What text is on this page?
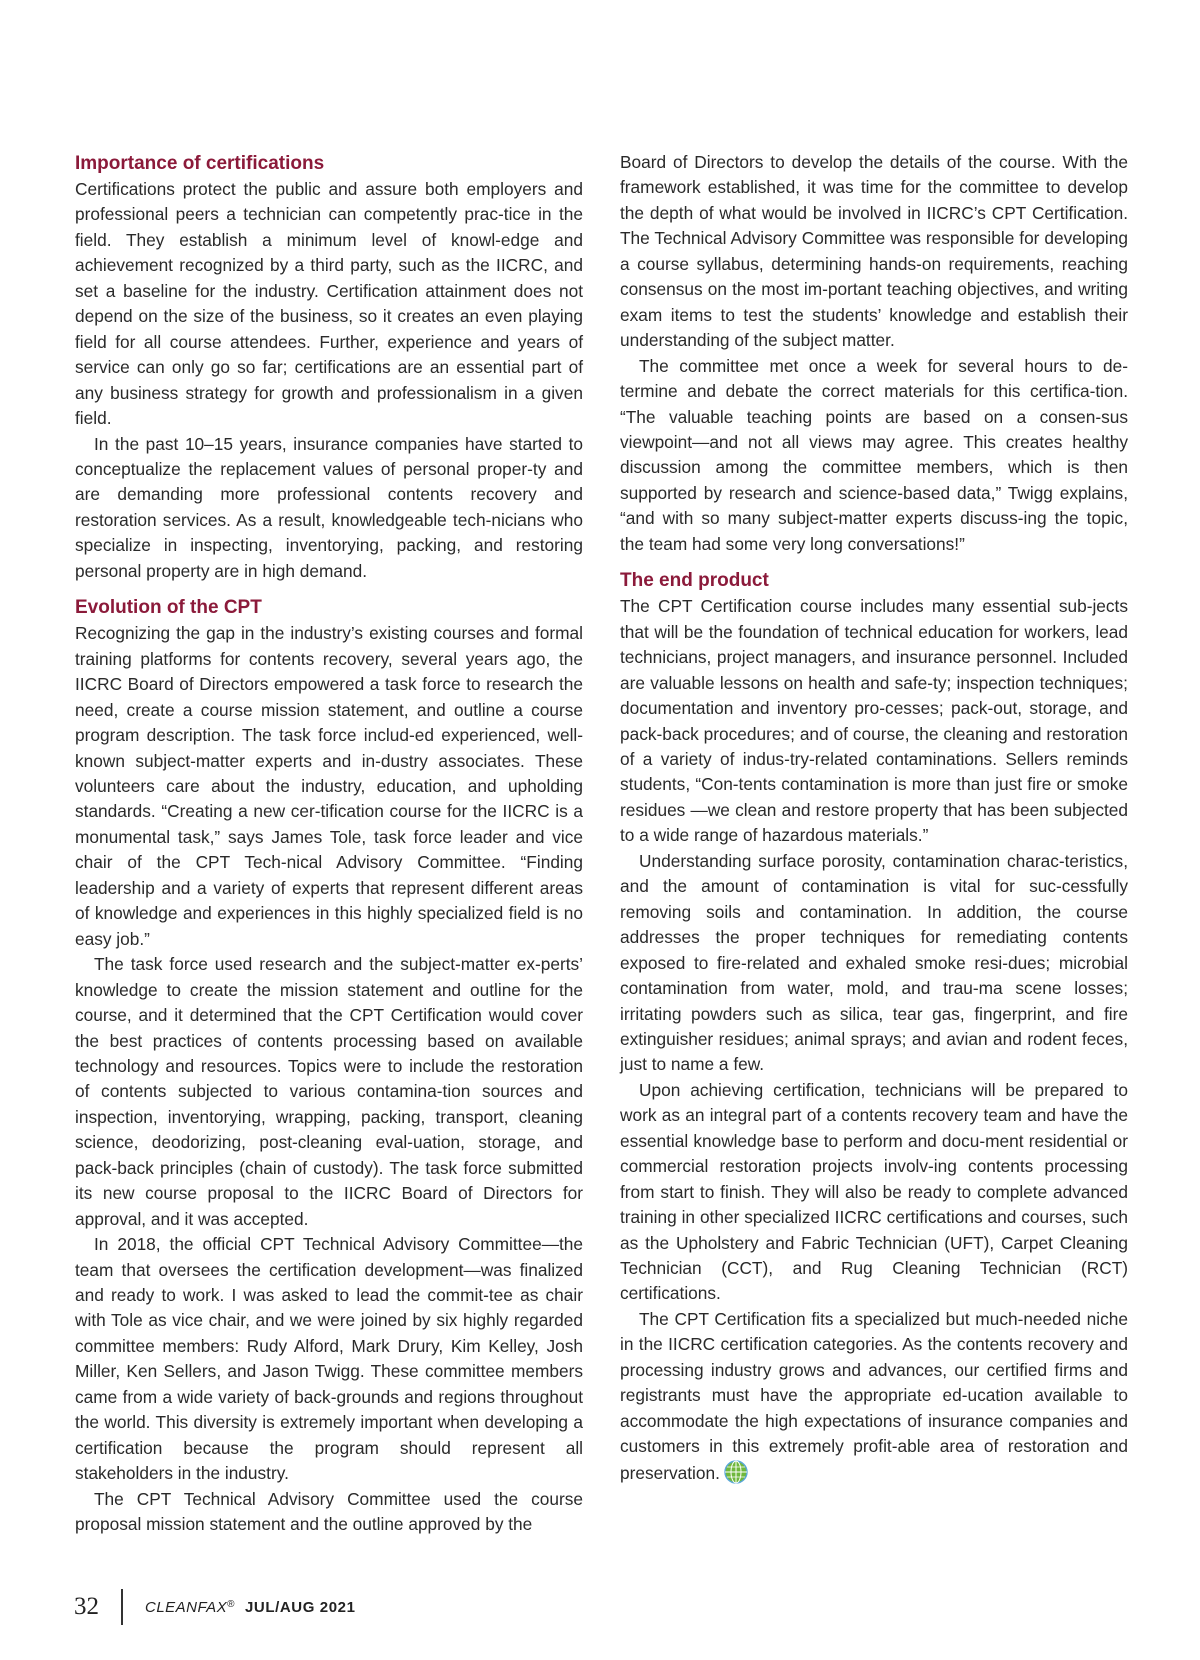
Importance of certifications

Certifications protect the public and assure both employers and professional peers a technician can competently prac-tice in the field. They establish a minimum level of knowl-edge and achievement recognized by a third party, such as the IICRC, and set a baseline for the industry. Certification attainment does not depend on the size of the business, so it creates an even playing field for all course attendees. Further, experience and years of service can only go so far; certifications are an essential part of any business strategy for growth and professionalism in a given field.

In the past 10–15 years, insurance companies have started to conceptualize the replacement values of personal proper-ty and are demanding more professional contents recovery and restoration services. As a result, knowledgeable tech-nicians who specialize in inspecting, inventorying, packing, and restoring personal property are in high demand.

Evolution of the CPT

Recognizing the gap in the industry’s existing courses and formal training platforms for contents recovery, several years ago, the IICRC Board of Directors empowered a task force to research the need, create a course mission statement, and outline a course program description. The task force includ-ed experienced, well-known subject-matter experts and in-dustry associates. These volunteers care about the industry, education, and upholding standards. “Creating a new cer-tification course for the IICRC is a monumental task,” says James Tole, task force leader and vice chair of the CPT Tech-nical Advisory Committee. “Finding leadership and a variety of experts that represent different areas of knowledge and experiences in this highly specialized field is no easy job.”

The task force used research and the subject-matter ex-perts’ knowledge to create the mission statement and outline for the course, and it determined that the CPT Certification would cover the best practices of contents processing based on available technology and resources. Topics were to include the restoration of contents subjected to various contamina-tion sources and inspection, inventorying, wrapping, packing, transport, cleaning science, deodorizing, post-cleaning eval-uation, storage, and pack-back principles (chain of custody). The task force submitted its new course proposal to the IICRC Board of Directors for approval, and it was accepted.

In 2018, the official CPT Technical Advisory Committee—the team that oversees the certification development—was finalized and ready to work. I was asked to lead the commit-tee as chair with Tole as vice chair, and we were joined by six highly regarded committee members: Rudy Alford, Mark Drury, Kim Kelley, Josh Miller, Ken Sellers, and Jason Twigg. These committee members came from a wide variety of back-grounds and regions throughout the world. This diversity is extremely important when developing a certification because the program should represent all stakeholders in the industry.

The CPT Technical Advisory Committee used the course proposal mission statement and the outline approved by the

Board of Directors to develop the details of the course. With the framework established, it was time for the committee to develop the depth of what would be involved in IICRC’s CPT Certification. The Technical Advisory Committee was responsible for developing a course syllabus, determining hands-on requirements, reaching consensus on the most im-portant teaching objectives, and writing exam items to test the students’ knowledge and establish their understanding of the subject matter.

The committee met once a week for several hours to de-termine and debate the correct materials for this certifica-tion. “The valuable teaching points are based on a consen-sus viewpoint—and not all views may agree. This creates healthy discussion among the committee members, which is then supported by research and science-based data,” Twigg explains, “and with so many subject-matter experts discuss-ing the topic, the team had some very long conversations!”

The end product

The CPT Certification course includes many essential sub-jects that will be the foundation of technical education for workers, lead technicians, project managers, and insurance personnel. Included are valuable lessons on health and safe-ty; inspection techniques; documentation and inventory pro-cesses; pack-out, storage, and pack-back procedures; and of course, the cleaning and restoration of a variety of indus-try-related contaminations. Sellers reminds students, “Con-tents contamination is more than just fire or smoke residues —we clean and restore property that has been subjected to a wide range of hazardous materials.”

Understanding surface porosity, contamination charac-teristics, and the amount of contamination is vital for suc-cessfully removing soils and contamination. In addition, the course addresses the proper techniques for remediating contents exposed to fire-related and exhaled smoke resi-dues; microbial contamination from water, mold, and trau-ma scene losses; irritating powders such as silica, tear gas, fingerprint, and fire extinguisher residues; animal sprays; and avian and rodent feces, just to name a few.

Upon achieving certification, technicians will be prepared to work as an integral part of a contents recovery team and have the essential knowledge base to perform and docu-ment residential or commercial restoration projects involv-ing contents processing from start to finish. They will also be ready to complete advanced training in other specialized IICRC certifications and courses, such as the Upholstery and Fabric Technician (UFT), Carpet Cleaning Technician (CCT), and Rug Cleaning Technician (RCT) certifications.

The CPT Certification fits a specialized but much-needed niche in the IICRC certification categories. As the contents recovery and processing industry grows and advances, our certified firms and registrants must have the appropriate ed-ucation available to accommodate the high expectations of insurance companies and customers in this extremely profit-able area of restoration and preservation.

32	CLEANFAX® JUL/AUG 2021
